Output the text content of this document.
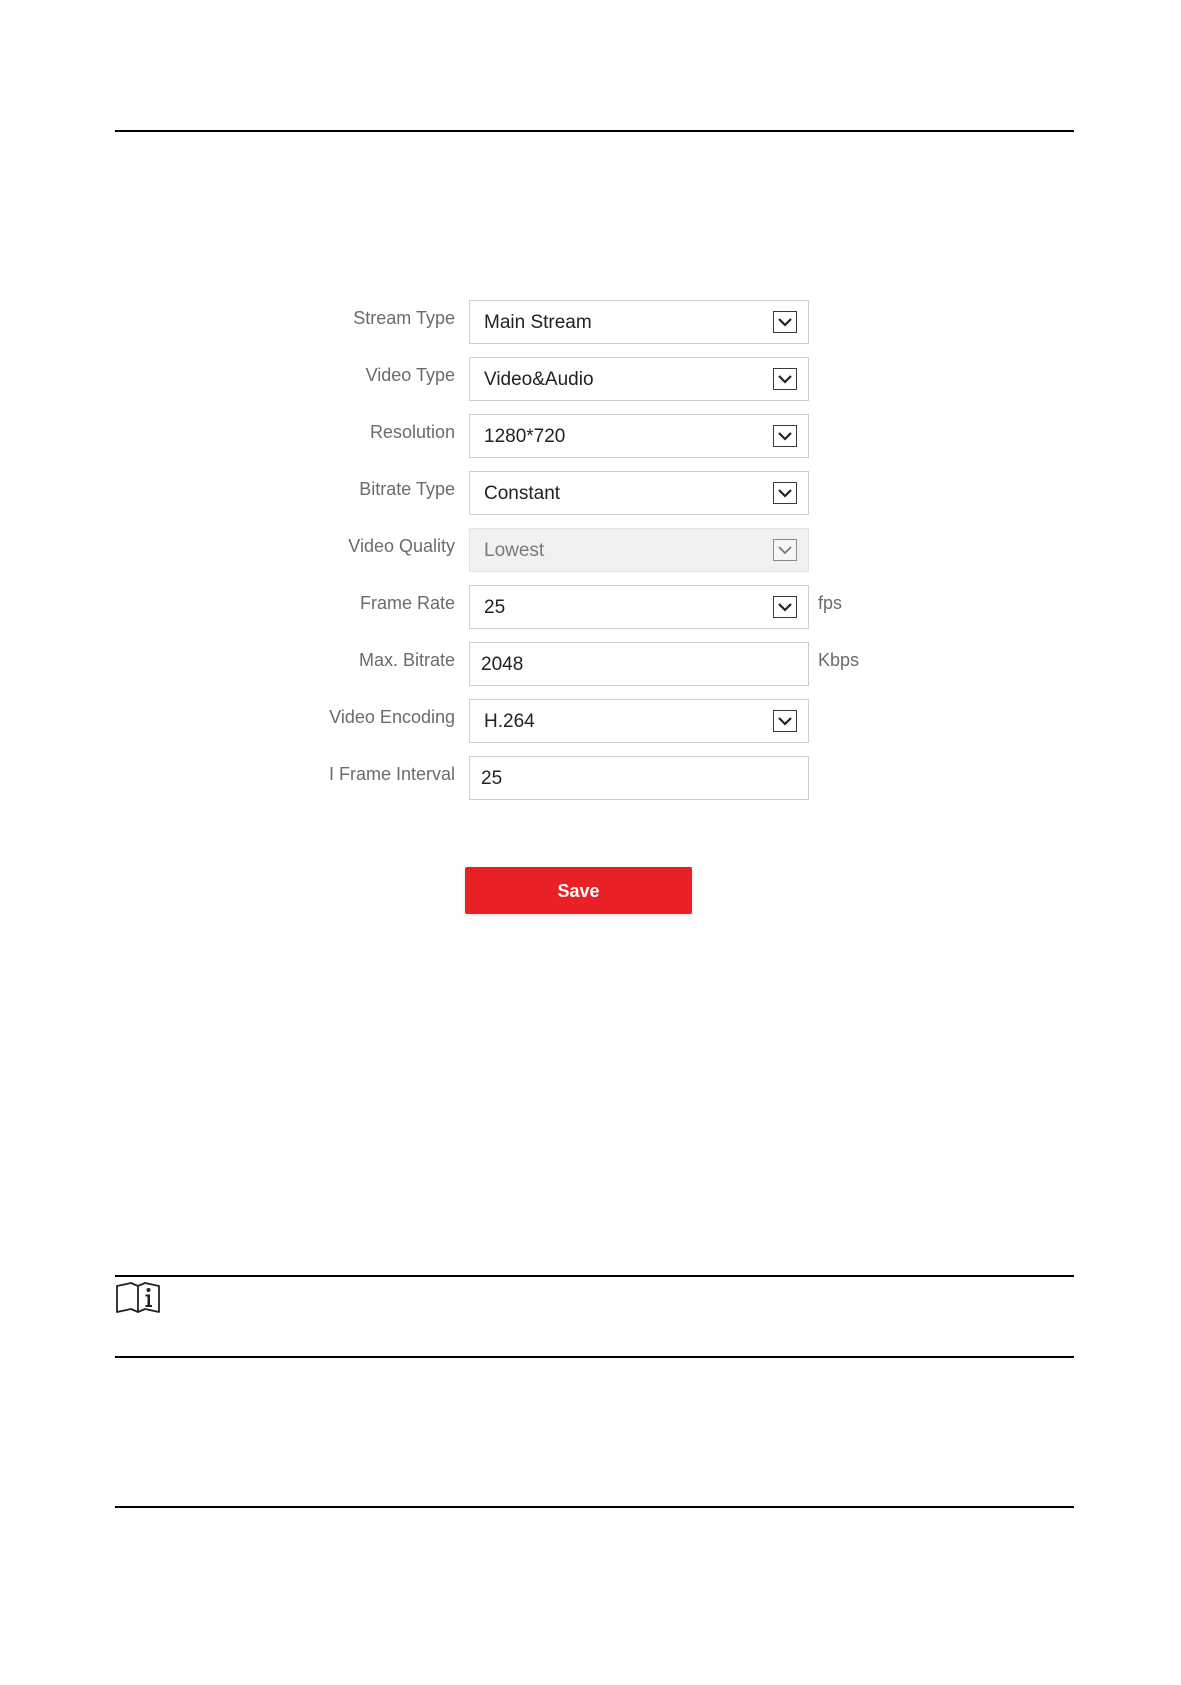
Stream Type Main Stream
Video Type Video&Audio
Resolution 1280*720
Bitrate Type Constant
Video Quality Lowest
Frame Rate 25	fps
Max. Bitrate 2048	Kbps
Video Encoding H.264
I Frame Interval 25
Save
